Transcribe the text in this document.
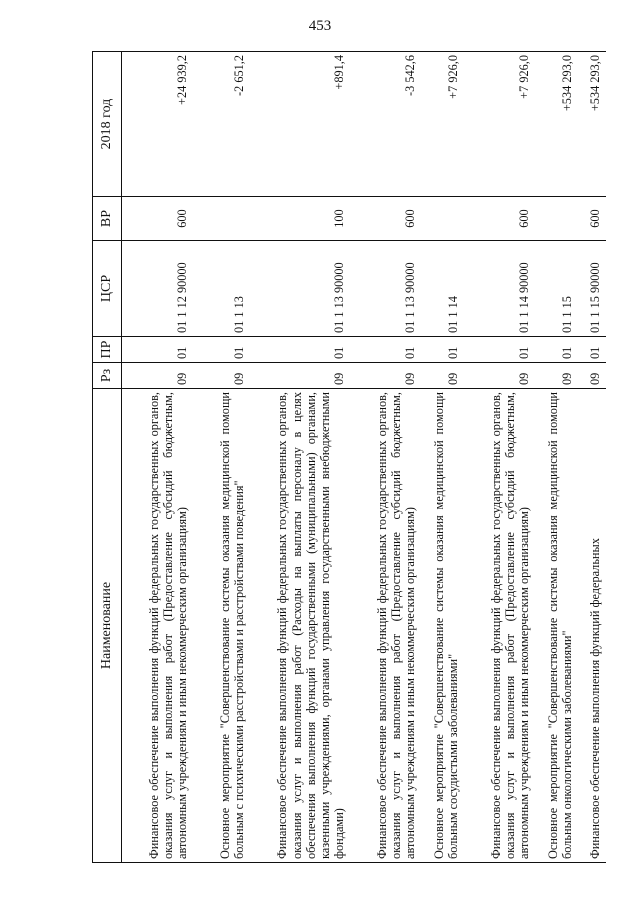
453
Наименование	Рз	ПР	ЦСР	ВР	2018 год
Финансовое обеспечение выполнения функций федеральных государственных органов, оказания услуг и выполнения работ (Предоставление субсидий бюджетным, автономным учреждениям и иным некоммерческим организациям)	09	01	01 1 12 90000	600	+24 939,2
Основное мероприятие "Совершенствование системы оказания медицинской помощи больным с психическими расстройствами и расстройствами поведения"	09	01	01 1 13		-2 651,2
Финансовое обеспечение выполнения функций федеральных государственных органов, оказания услуг и выполнения работ (Расходы на выплаты персоналу в целях обеспечения выполнения функций государственными (муниципальными) органами, казенными учреждениями, органами управления государственными внебюджетными фондами)	09	01	01 1 13 90000	100	+891,4
Финансовое обеспечение выполнения функций федеральных государственных органов, оказания услуг и выполнения работ (Предоставление субсидий бюджетным, автономным учреждениям и иным некоммерческим организациям)	09	01	01 1 13 90000	600	-3 542,6
Основное мероприятие "Совершенствование системы оказания медицинской помощи больным сосудистыми заболеваниями"	09	01	01 1 14		+7 926,0
Финансовое обеспечение выполнения функций федеральных государственных органов, оказания услуг и выполнения работ (Предоставление субсидий бюджетным, автономным учреждениям и иным некоммерческим организациям)	09	01	01 1 14 90000	600	+7 926,0
Основное мероприятие "Совершенствование системы оказания медицинской помощи больным онкологическими заболеваниями"	09	01	01 1 15		+534 293,0
Финансовое обеспечение выполнения функций федеральных	09	01	01 1 15 90000	600	+534 293,0
